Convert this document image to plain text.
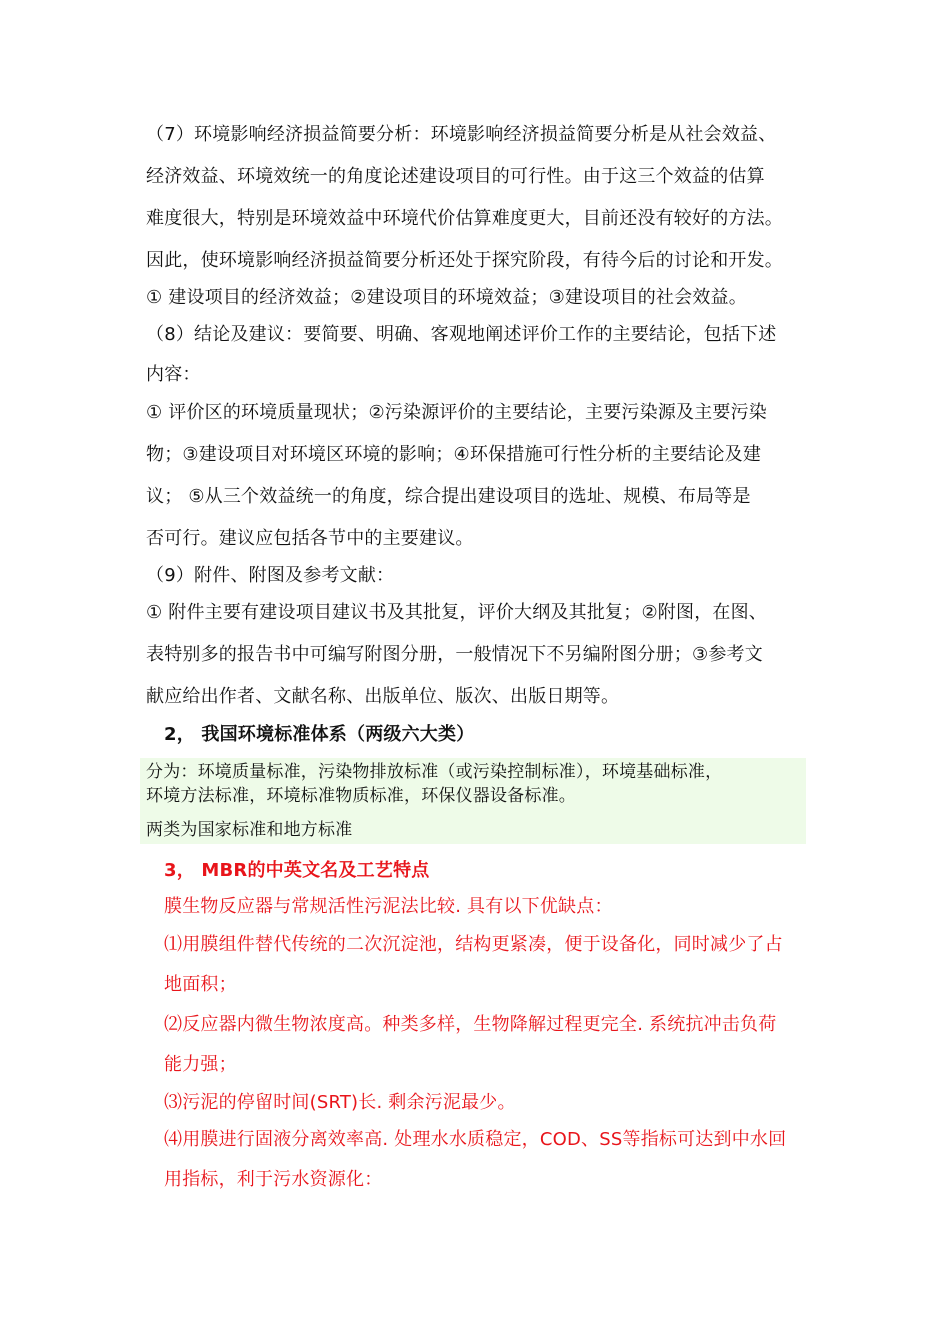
（7）环境影响经济损益简要分析：环境影响经济损益简要分析是从社会效益、
经济效益、环境效统一的角度论述建设项目的可行性。由于这三个效益的估算
难度很大，特别是环境效益中环境代价估算难度更大，目前还没有较好的方法。
因此，使环境影响经济损益简要分析还处于探究阶段，有待今后的讨论和开发。
① 建设项目的经济效益；②建设项目的环境效益；③建设项目的社会效益。
（8）结论及建议：要简要、明确、客观地阐述评价工作的主要结论，包括下述
内容：
① 评价区的环境质量现状；②污染源评价的主要结论，主要污染源及主要污染
物；③建设项目对环境区环境的影响；④环保措施可行性分析的主要结论及建
议； ⑤从三个效益统一的角度，综合提出建设项目的选址、规模、布局等是
否可行。建议应包括各节中的主要建议。
（9）附件、附图及参考文献：
① 附件主要有建设项目建议书及其批复，评价大纲及其批复；②附图，在图、
表特别多的报告书中可编写附图分册，一般情况下不另编附图分册；③参考文
献应给出作者、文献名称、出版单位、版次、出版日期等。
2， 我国环境标准体系（两级六大类）
分为：环境质量标准，污染物排放标准（或污染控制标准），环境基础标准，
环境方法标准，环境标准物质标准，环保仪器设备标准。
两类为国家标准和地方标准
3， MBR的中英文名及工艺特点
膜生物反应器与常规活性污泥法比较. 具有以下优缺点：
⑴用膜组件替代传统的二次沉淀池，结构更紧凑，便于设备化，同时减少了占
地面积；
⑵反应器内微生物浓度高。种类多样，生物降解过程更完全. 系统抗冲击负荷
能力强；
⑶污泥的停留时间(SRT)长. 剩余污泥最少。
⑷用膜进行固液分离效率高. 处理水水质稳定，COD、SS等指标可达到中水回
用指标，利于污水资源化：
